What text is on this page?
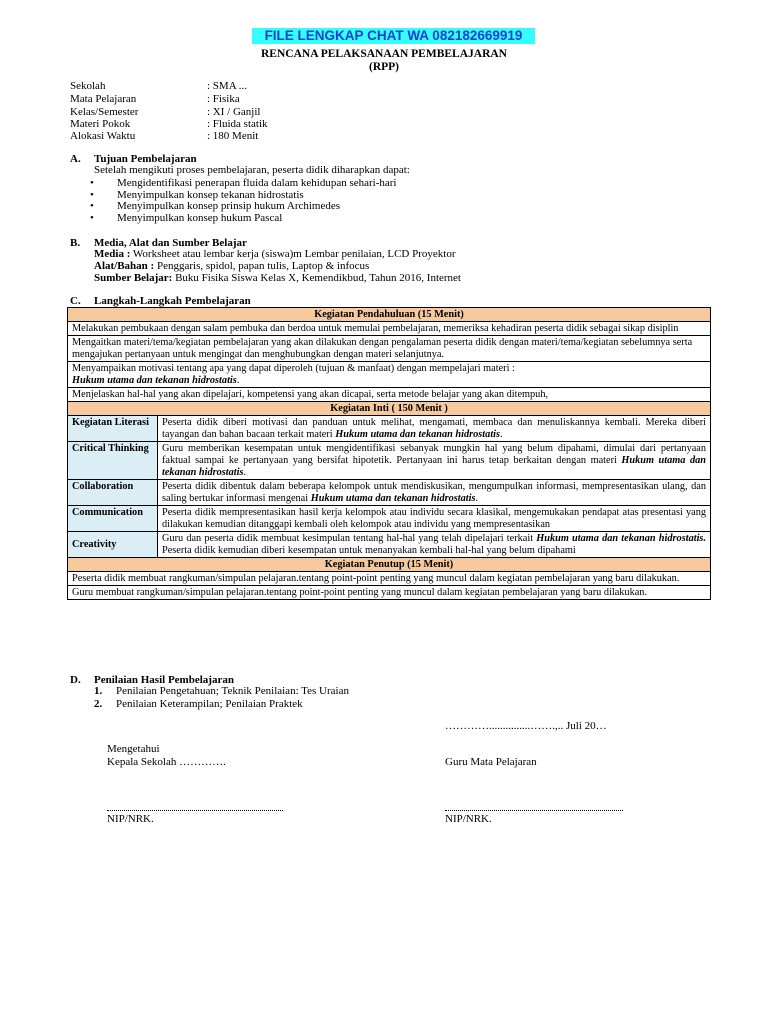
FILE LENGKAP CHAT WA 082182669919
RENCANA PELAKSANAAN PEMBELAJARAN
(RPP)
Sekolah	: SMA ...
Mata Pelajaran	: Fisika
Kelas/Semester	: XI / Ganjil
Materi Pokok	: Fluida statik
Alokasi Waktu	: 180 Menit
A. Tujuan Pembelajaran
Setelah mengikuti proses pembelajaran, peserta didik diharapkan dapat:
• Mengidentifikasi penerapan fluida dalam kehidupan sehari-hari
• Menyimpulkan konsep tekanan hidrostatis
• Menyimpulkan konsep prinsip hukum Archimedes
• Menyimpulkan konsep hukum Pascal
B. Media, Alat dan Sumber Belajar
Media : Worksheet atau lembar kerja (siswa)m Lembar penilaian, LCD Proyektor
Alat/Bahan : Penggaris, spidol, papan tulis, Laptop & infocus
Sumber Belajar: Buku Fisika Siswa Kelas X, Kemendikbud, Tahun 2016, Internet
C. Langkah-Langkah Pembelajaran
Kegiatan Pendahuluan (15 Menit)	
Melakukan pembukaan dengan salam pembuka dan berdoa untuk memulai pembelajaran, memeriksa kehadiran peserta didik sebagai sikap disiplin	
Mengaitkan materi/tema/kegiatan pembelajaran yang akan dilakukan dengan pengalaman peserta didik dengan materi/tema/kegiatan sebelumnya serta mengajukan pertanyaan untuk mengingat dan menghubungkan dengan materi selanjutnya.	
Menyampaikan motivasi tentang apa yang dapat diperoleh (tujuan & manfaat) dengan mempelajari materi :
Hukum utama dan tekanan hidrostatis.	
Menjelaskan hal-hal yang akan dipelajari, kompetensi yang akan dicapai, serta metode belajar yang akan ditempuh,	
Kegiatan Inti ( 150 Menit )	
Kegiatan Literasi	Peserta didik diberi motivasi dan panduan untuk melihat, mengamati, membaca dan menuliskannya kembali. Mereka diberi tayangan dan bahan bacaan terkait materi Hukum utama dan tekanan hidrostatis.
Critical Thinking	Guru memberikan kesempatan untuk mengidentifikasi sebanyak mungkin hal yang belum dipahami, dimulai dari pertanyaan faktual sampai ke pertanyaan yang bersifat hipotetik. Pertanyaan ini harus tetap berkaitan dengan materi Hukum utama dan tekanan hidrostatis.
Collaboration	Peserta didik dibentuk dalam beberapa kelompok untuk mendiskusikan, mengumpulkan informasi, mempresentasikan ulang, dan saling bertukar informasi mengenai Hukum utama dan tekanan hidrostatis.
Communication	Peserta didik mempresentasikan hasil kerja kelompok atau individu secara klasikal, mengemukakan pendapat atas presentasi yang dilakukan kemudian ditanggapi kembali oleh kelompok atau individu yang mempresentasikan
Creativity	Guru dan peserta didik membuat kesimpulan tentang hal-hal yang telah dipelajari terkait Hukum utama dan tekanan hidrostatis. Peserta didik kemudian diberi kesempatan untuk menanyakan kembali hal-hal yang belum dipahami
Kegiatan Penutup (15 Menit)	
Peserta didik membuat rangkuman/simpulan pelajaran.tentang point-point penting yang muncul dalam kegiatan pembelajaran yang baru dilakukan.	
Guru membuat rangkuman/simpulan pelajaran.tentang point-point penting yang muncul dalam kegiatan pembelajaran yang baru dilakukan.	
D. Penilaian Hasil Pembelajaran
1. Penilaian Pengetahuan; Teknik Penilaian: Tes Uraian
2. Penilaian Keterampilan; Penilaian Praktek
…………...............…….,.. Juli 20…
Mengetahui
Kepala Sekolah ………….	Guru Mata Pelajaran
NIP/NRK.	NIP/NRK.
